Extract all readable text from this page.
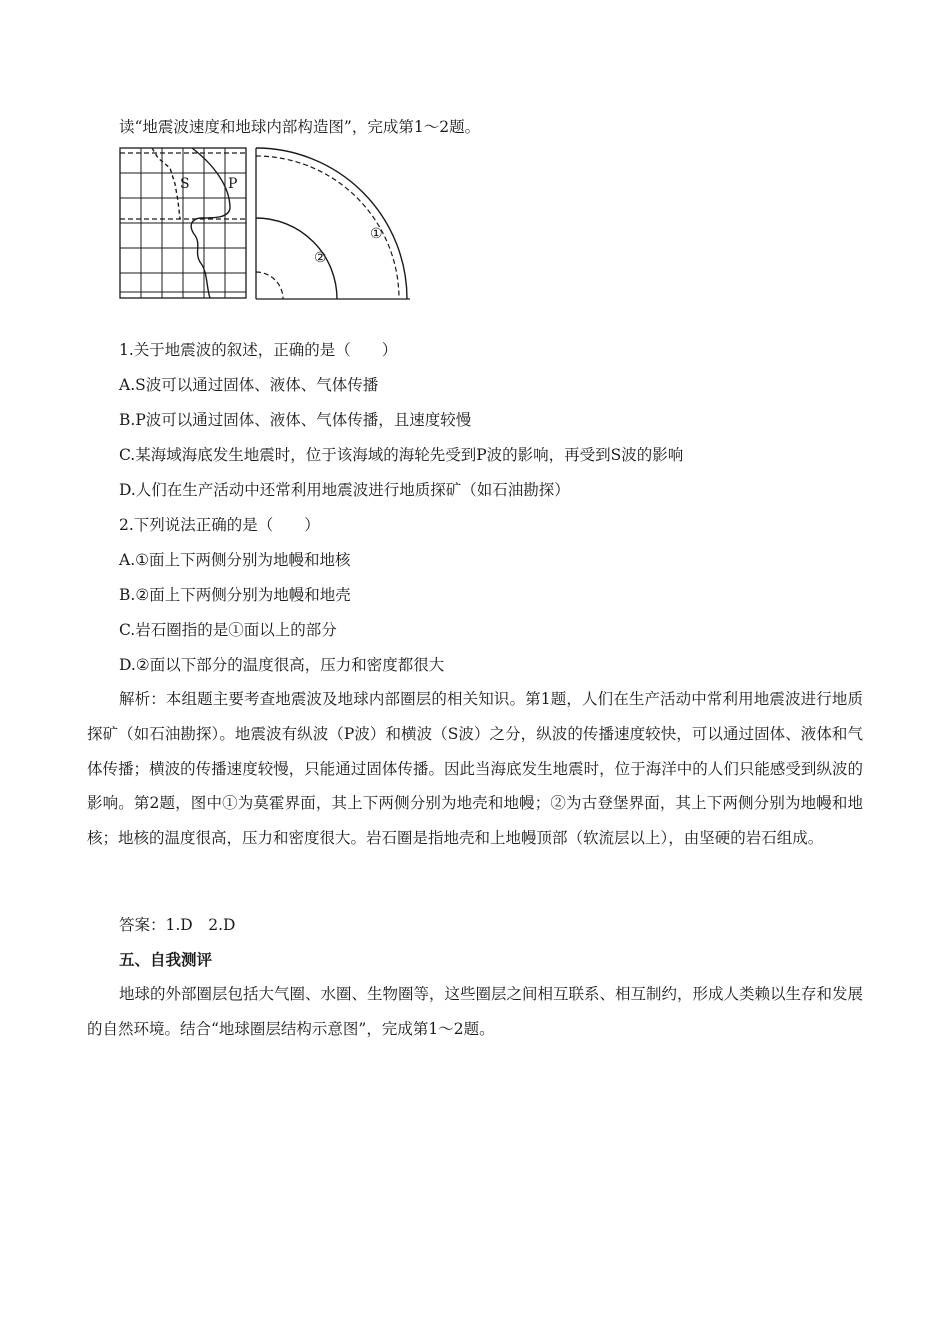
读“地震波速度和地球内部构造图”，完成第1～2题。
S	P
①
②
1.关于地震波的叙述，正确的是（　　）
A.S波可以通过固体、液体、气体传播
B.P波可以通过固体、液体、气体传播，且速度较慢
C.某海域海底发生地震时，位于该海域的海轮先受到P波的影响，再受到S波的影响
D.人们在生产活动中还常利用地震波进行地质探矿（如石油勘探）
2.下列说法正确的是（　　）
A.①面上下两侧分别为地幔和地核
B.②面上下两侧分别为地幔和地壳
C.岩石圈指的是①面以上的部分
D.②面以下部分的温度很高，压力和密度都很大
解析：本组题主要考查地震波及地球内部圈层的相关知识。第1题，人们在生产活动中常利用地震波进行地质探矿（如石油勘探）。地震波有纵波（P波）和横波（S波）之分，纵波的传播速度较快，可以通过固体、液体和气体传播；横波的传播速度较慢，只能通过固体传播。因此当海底发生地震时，位于海洋中的人们只能感受到纵波的影响。第2题，图中①为莫霍界面，其上下两侧分别为地壳和地幔；②为古登堡界面，其上下两侧分别为地幔和地核；地核的温度很高，压力和密度很大。岩石圈是指地壳和上地幔顶部（软流层以上），由坚硬的岩石组成。
答案：1.D　2.D
五、自我测评
地球的外部圈层包括大气圈、水圈、生物圈等，这些圈层之间相互联系、相互制约，形成人类赖以生存和发展的自然环境。结合“地球圈层结构示意图”，完成第1～2题。
